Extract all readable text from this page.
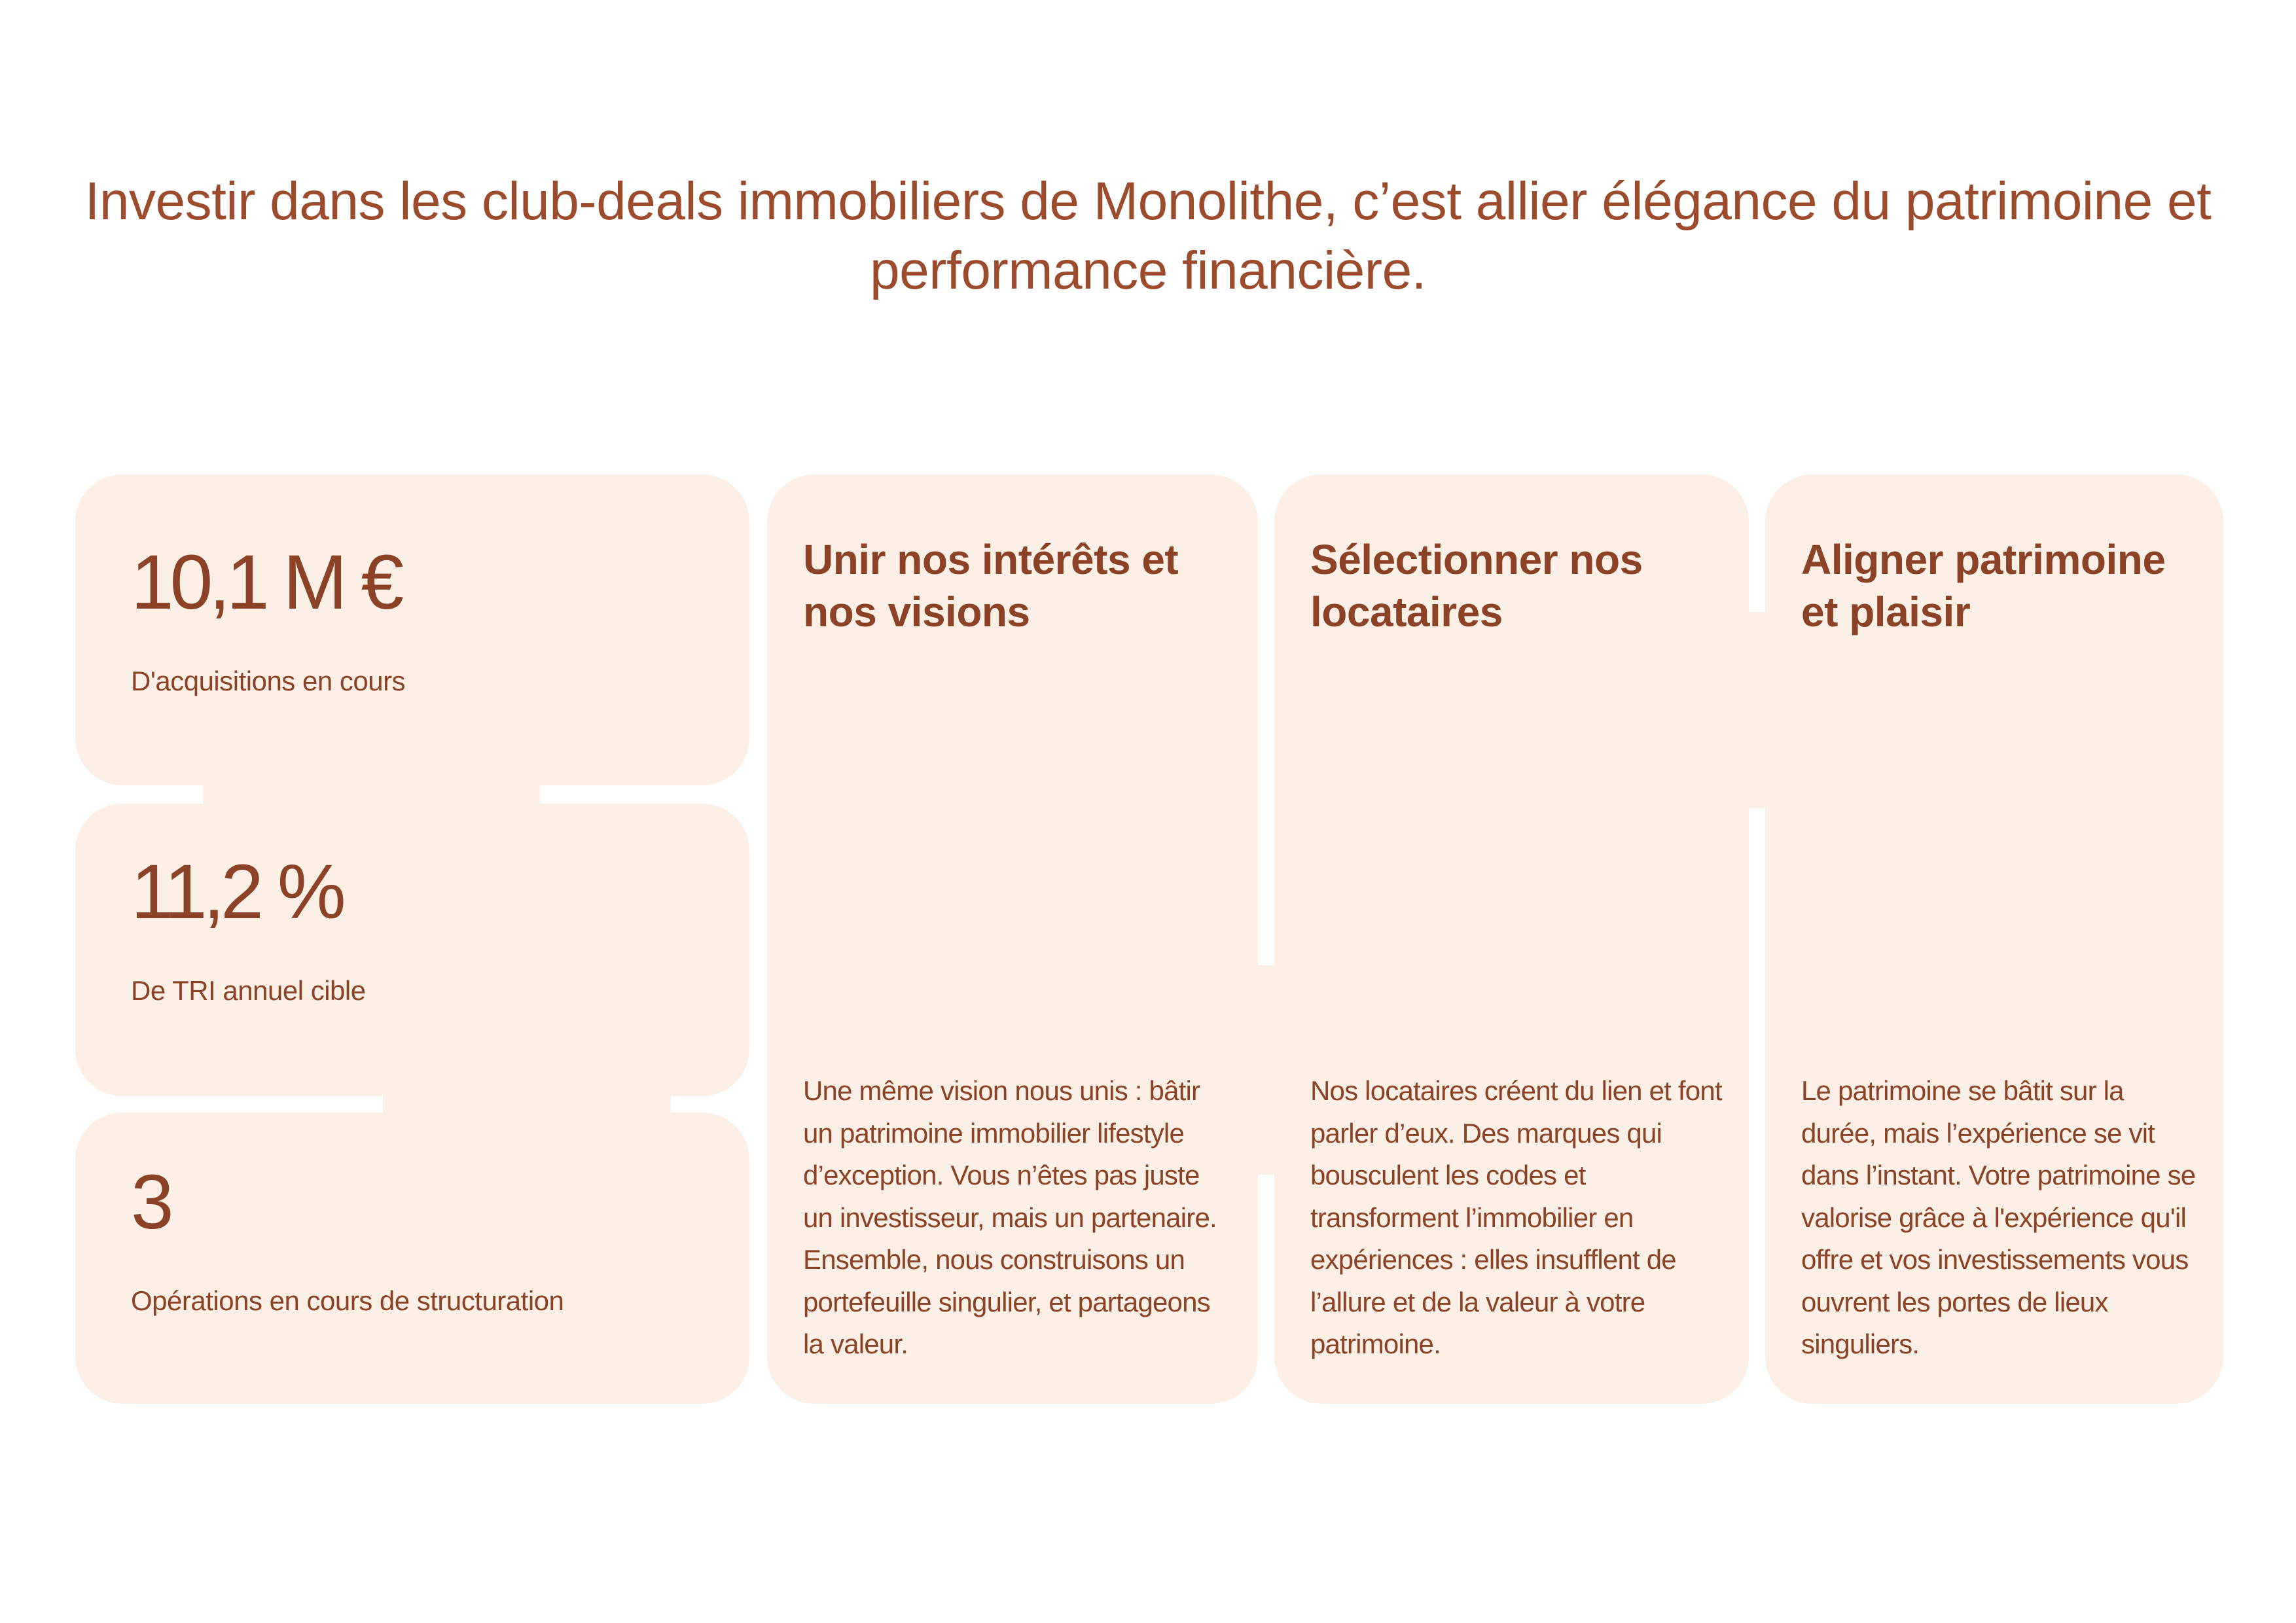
Investir dans les club-deals immobiliers de Monolithe, c’est allier élégance du patrimoine et performance financière.
10,1 M €
D'acquisitions en cours
11,2 %
De TRI annuel cible
3
Opérations en cours de structuration
Unir nos intérêts et nos visions

Une même vision nous unis : bâtir un patrimoine immobilier lifestyle d’exception. Vous n’êtes pas juste un investisseur, mais un partenaire. Ensemble, nous construisons un portefeuille singulier, et partageons la valeur.

Sélectionner nos locataires

Nos locataires créent du lien et font parler d’eux. Des marques qui bousculent les codes et transforment l’immobilier en expériences : elles insufflent de l’allure et de la valeur à votre patrimoine.

Aligner patrimoine et plaisir

Le patrimoine se bâtit sur la durée, mais l’expérience se vit dans l’instant. Votre patrimoine se valorise grâce à l'expérience qu'il offre et vos investissements vous ouvrent les portes de lieux singuliers.
